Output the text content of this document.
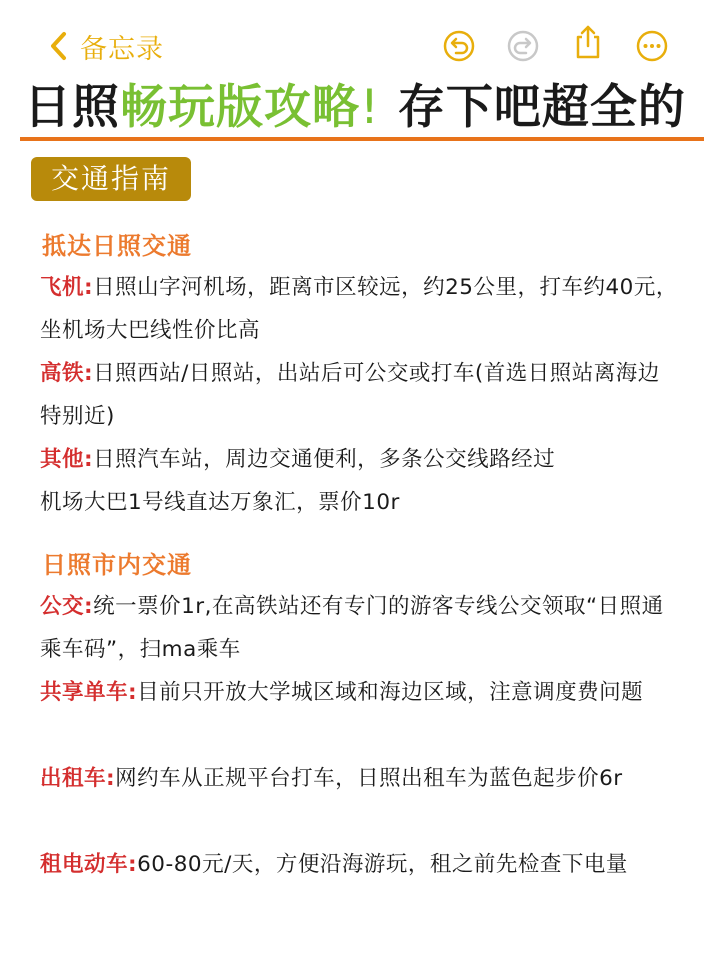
备忘录
日照畅玩版攻略! 存下吧超全的
交通指南
抵达日照交通
飞机:日照山字河机场，距离市区较远，约25公里，打车约40元，坐机场大巴线性价比高
高铁:日照西站/日照站，出站后可公交或打车(首选日照站离海边特别近)
其他:日照汽车站，周边交通便利，多条公交线路经过
机场大巴1号线直达万象汇，票价10r
日照市内交通
公交:统一票价1r,在高铁站还有专门的游客专线公交领取“日照通乘车码”，扫ma乘车
共享单车:目前只开放大学城区域和海边区域，注意调度费问题
出租车:网约车从正规平台打车，日照出租车为蓝色起步价6r
租电动车:60-80元/天，方便沿海游玩，租之前先检查下电量
